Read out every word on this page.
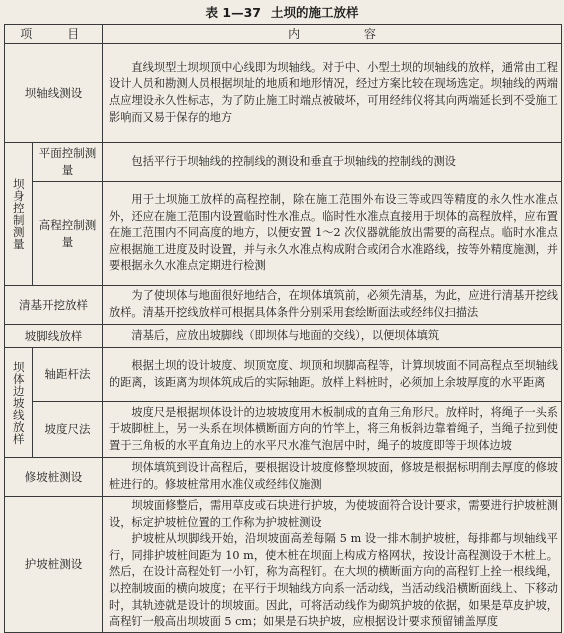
表 1—37 土坝的施工放样
项 目		内 容
坝轴线测设		直线坝型土坝坝顶中心线即为坝轴线。对于中、小型土坝的坝轴线的放样，通常由工程设计人员和勘测人员根据坝址的地质和地形情况，经过方案比较在现场选定。坝轴线的两端点应埋设永久性标志，为了防止施工时端点被破坏，可用经纬仪将其向两端延长到不受施工影响而又易于保存的地方
坝身控制测量	平面控制测量	包括平行于坝轴线的控制线的测设和垂直于坝轴线的控制线的测设
	高程控制测量	用于土坝施工放样的高程控制，除在施工范围外布设三等或四等精度的永久性水准点外，还应在施工范围内设置临时性水准点。临时性水准点直接用于坝体的高程放样，应布置在施工范围内不同高度的地方，以便安置 1～2 次仪器就能放出需要的高程点。临时水准点应根据施工进度及时设置，并与永久水准点构成附合或闭合水准路线，按等外精度施测，并要根据永久水准点定期进行检测
清基开挖放样		为了使坝体与地面很好地结合，在坝体填筑前，必须先清基，为此，应进行清基开挖线放样。清基开挖线放样可根据具体条件分别采用套绘断面法或经纬仪扫描法
坡脚线放样		清基后，应放出坡脚线（即坝体与地面的交线），以便坝体填筑
坝体边坡线放样	轴距杆法	根据土坝的设计坡度、坝顶宽度、坝顶和坝脚高程等，计算坝坡面不同高程点至坝轴线的距离，该距离为坝体筑成后的实际轴距。放样上料桩时，必须加上余坡厚度的水平距离
	坡度尺法	坡度尺是根据坝体设计的边坡坡度用木板制成的直角三角形尺。放样时，将绳子一头系于坡脚桩上，另一头系在坝体横断面方向的竹竿上，将三角板斜边靠着绳子，当绳子拉到使置于三角板的水平直角边上的水平尺水准气泡居中时，绳子的坡度即等于坝体边坡
修坡桩测设		坝体填筑到设计高程后，要根据设计坡度修整坝坡面，修坡是根据标明削去厚度的修坡桩进行的。修坡桩常用水准仪或经纬仪施测
护坡桩测设		坝坡面修整后，需用草皮或石块进行护坡，为使坡面符合设计要求，需要进行护坡桩测设，标定护坡桩位置的工作称为护坡桩测设

护坡桩从坝脚线开始，沿坝坡面高差每隔 5 m 设一排木制护坡桩，每排都与坝轴线平行，同排护坡桩间距为 10 m，使木桩在坝面上构成方格网状，按设计高程测设于木桩上。然后，在设计高程处钉一小钉，称为高程钉。在大坝的横断面方向的高程钉上拴一根线绳，以控制坡面的横向坡度；在平行于坝轴线方向系一活动线，当活动线沿横断面线上、下移动时，其轨迹就是设计的坝坡面。因此，可将活动线作为砌筑护坡的依据，如果是草皮护坡，高程钉一般高出坝坡面 5 cm；如果是石块护坡，应根据设计要求预留铺盖厚度
